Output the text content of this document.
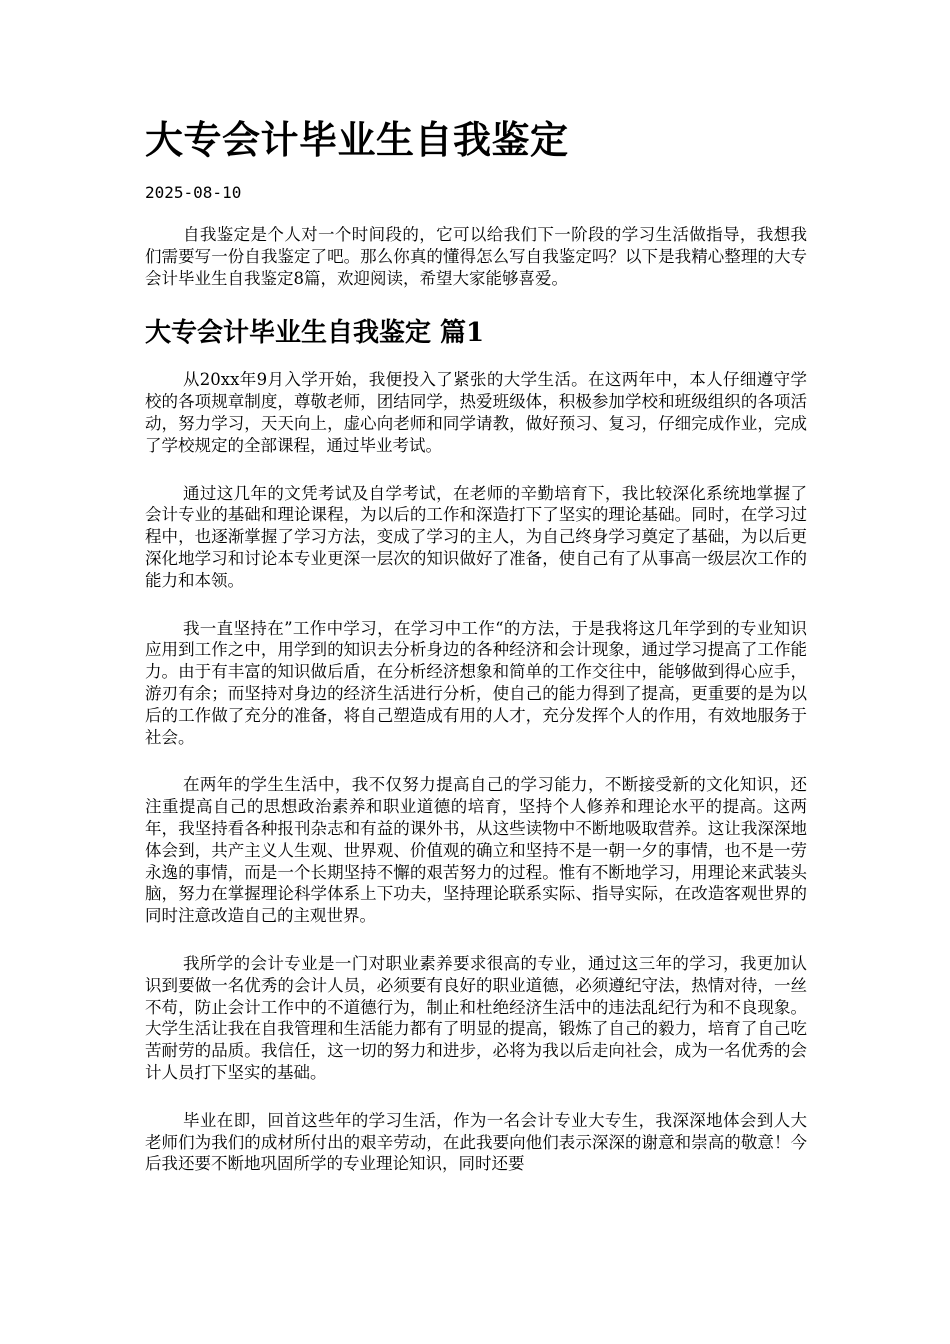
大专会计毕业生自我鉴定
2025-08-10

自我鉴定是个人对一个时间段的，它可以给我们下一阶段的学习生活做指导，我想我们需要写一份自我鉴定了吧。那么你真的懂得怎么写自我鉴定吗？以下是我精心整理的大专会计毕业生自我鉴定8篇，欢迎阅读，希望大家能够喜爱。

大专会计毕业生自我鉴定 篇1

从20xx年9月入学开始，我便投入了紧张的大学生活。在这两年中，本人仔细遵守学校的各项规章制度，尊敬老师，团结同学，热爱班级体，积极参加学校和班级组织的各项活动，努力学习，天天向上，虚心向老师和同学请教，做好预习、复习，仔细完成作业，完成了学校规定的全部课程，通过毕业考试。

通过这几年的文凭考试及自学考试，在老师的辛勤培育下，我比较深化系统地掌握了会计专业的基础和理论课程，为以后的工作和深造打下了坚实的理论基础。同时，在学习过程中，也逐渐掌握了学习方法，变成了学习的主人，为自己终身学习奠定了基础，为以后更深化地学习和讨论本专业更深一层次的知识做好了准备，使自己有了从事高一级层次工作的能力和本领。

我一直坚持在”工作中学习，在学习中工作“的方法，于是我将这几年学到的专业知识应用到工作之中，用学到的知识去分析身边的各种经济和会计现象，通过学习提高了工作能力。由于有丰富的知识做后盾，在分析经济想象和简单的工作交往中，能够做到得心应手，游刃有余；而坚持对身边的经济生活进行分析，使自己的能力得到了提高，更重要的是为以后的工作做了充分的准备，将自己塑造成有用的人才，充分发挥个人的作用，有效地服务于社会。

在两年的学生生活中，我不仅努力提高自己的学习能力，不断接受新的文化知识，还注重提高自己的思想政治素养和职业道德的培育，坚持个人修养和理论水平的提高。这两年，我坚持看各种报刊杂志和有益的课外书，从这些读物中不断地吸取营养。这让我深深地体会到，共产主义人生观、世界观、价值观的确立和坚持不是一朝一夕的事情，也不是一劳永逸的事情，而是一个长期坚持不懈的艰苦努力的过程。惟有不断地学习，用理论来武装头脑，努力在掌握理论科学体系上下功夫，坚持理论联系实际、指导实际，在改造客观世界的同时注意改造自己的主观世界。

我所学的会计专业是一门对职业素养要求很高的专业，通过这三年的学习，我更加认识到要做一名优秀的会计人员，必须要有良好的职业道德，必须遵纪守法，热情对待，一丝不苟，防止会计工作中的不道德行为，制止和杜绝经济生活中的违法乱纪行为和不良现象。大学生活让我在自我管理和生活能力都有了明显的提高，锻炼了自己的毅力，培育了自己吃苦耐劳的品质。我信任，这一切的努力和进步，必将为我以后走向社会，成为一名优秀的会计人员打下坚实的基础。

毕业在即，回首这些年的学习生活，作为一名会计专业大专生，我深深地体会到人大老师们为我们的成材所付出的艰辛劳动，在此我要向他们表示深深的谢意和崇高的敬意！今后我还要不断地巩固所学的专业理论知识，同时还要
